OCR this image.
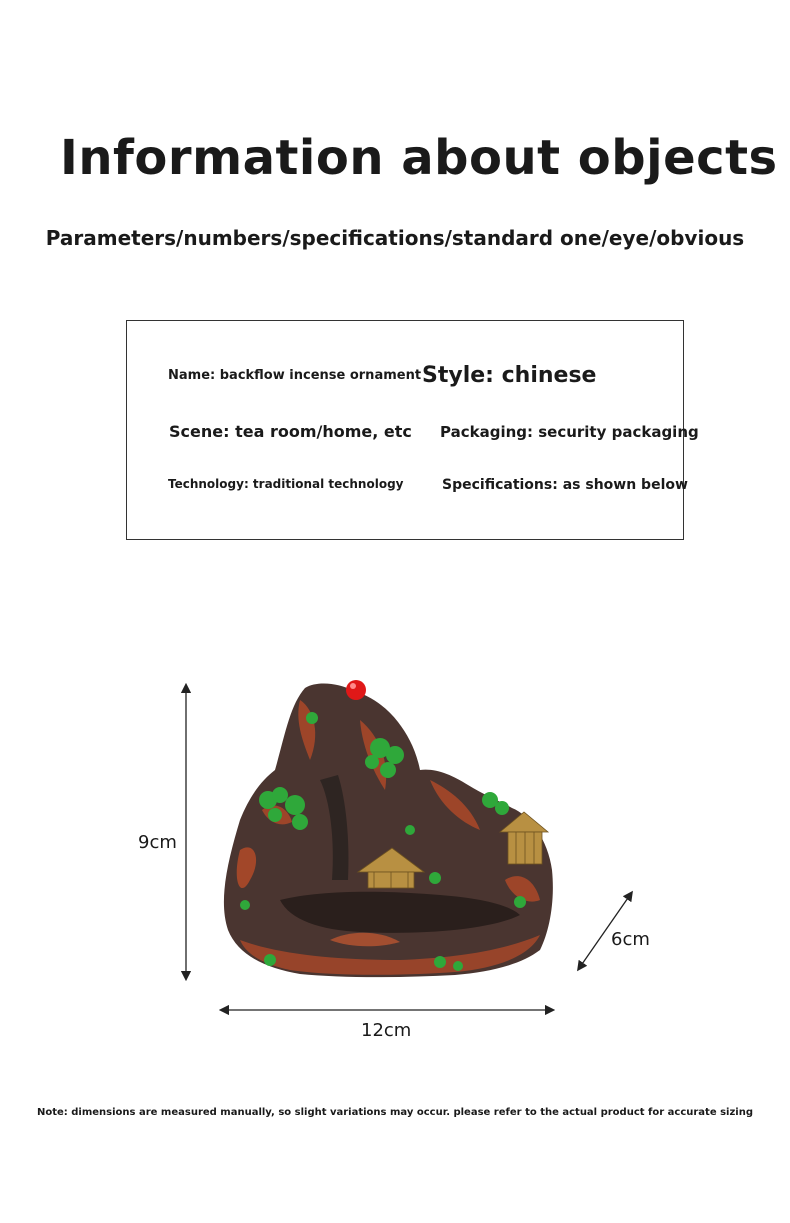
Information about objects
Parameters/numbers/specifications/standard one/eye/obvious
Name: backflow incense ornament Style: chinese
Scene: tea room/home, etc Packaging: security packaging
Technology: traditional technology	Specifications: as shown below
9cm
12cm
6cm
Note: dimensions are measured manually, so slight variations may occur. please refer to the actual product for accurate sizing
